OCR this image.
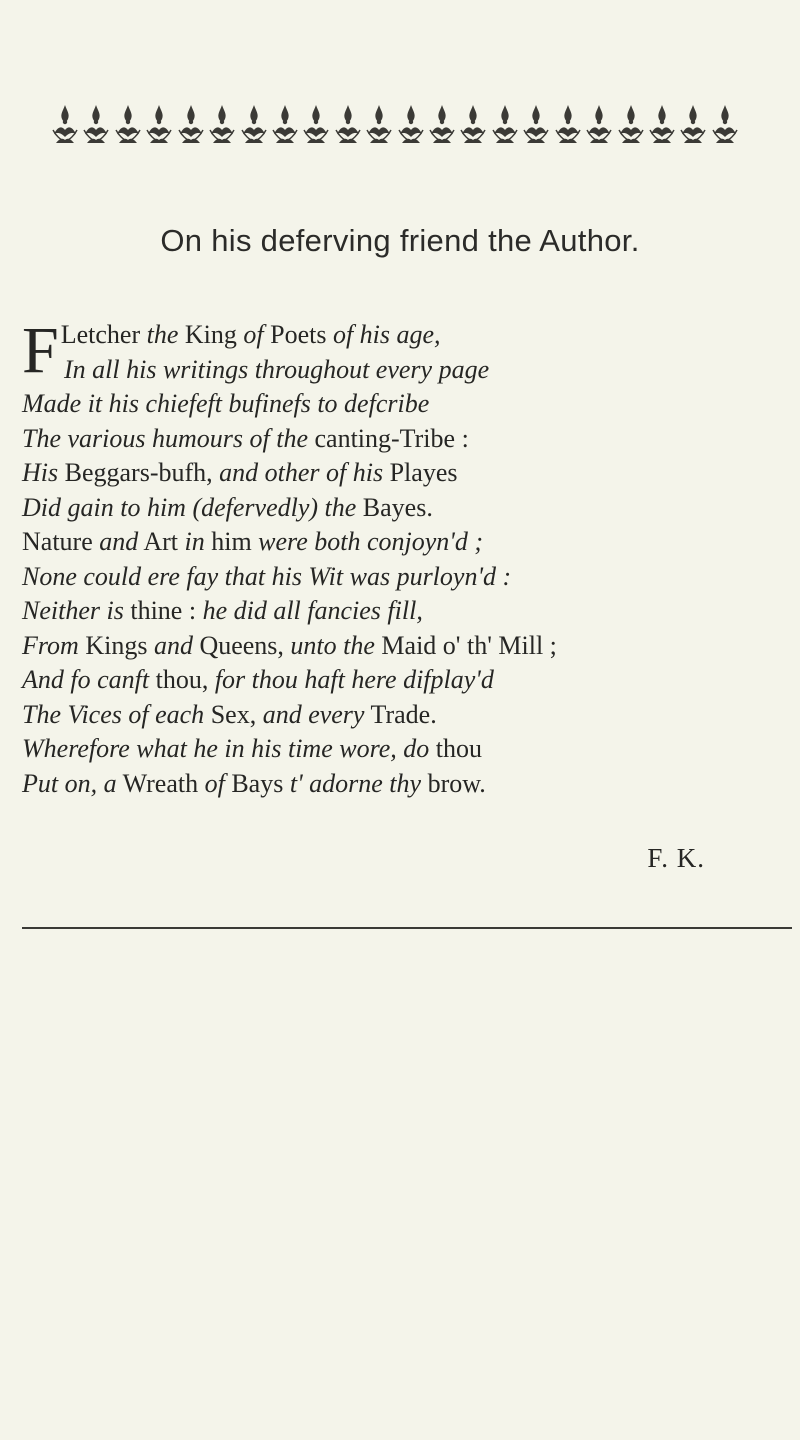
On his deferving friend the Author.
F Letcher the King of Poets of his age,
In all his writings throughout every page
Made it his chiefeft bufinefs to defcribe
The various humours of the canting-Tribe :
His Beggars-bufh, and other of his Playes
Did gain to him (defervedly) the Bayes.
Nature and Art in him were both conjoyn'd ;
None could ere fay that his Wit was purloyn'd :
Neither is thine : he did all fancies fill,
From Kings and Queens, unto the Maid o' th' Mill ;
And fo canft thou, for thou haft here difplay'd
The Vices of each Sex, and every Trade.
Wherefore what he in his time wore, do thou
Put on, a Wreath of Bays t' adorne thy brow.
F. K.
